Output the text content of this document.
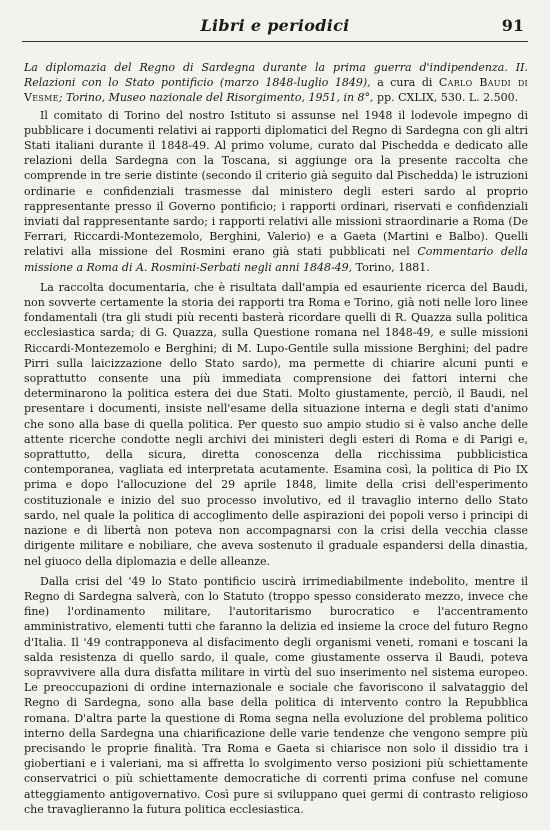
Libri e periodici	91

La diplomazia del Regno di Sardegna durante la prima guerra d'indipendenza. II. Relazioni con lo Stato pontificio (marzo 1848-luglio 1849), a cura di Carlo Baudi di Vesme; Torino, Museo nazionale del Risorgimento, 1951, in 8°, pp. CXLIX, 530. L. 2.500.

Il comitato di Torino del nostro Istituto si assunse nel 1948 il lodevole impegno di pubblicare i documenti relativi ai rapporti diplomatici del Regno di Sardegna con gli altri Stati italiani durante il 1848-49. Al primo volume, curato dal Pischedda e dedicato alle relazioni della Sardegna con la Toscana, si aggiunge ora la presente raccolta che comprende in tre serie distinte (secondo il criterio già seguito dal Pischedda) le istruzioni ordinarie e confidenziali trasmesse dal ministero degli esteri sardo al proprio rappresentante presso il Governo pontificio; i rapporti ordinari, riservati e confidenziali inviati dal rappresentante sardo; i rapporti relativi alle missioni straordinarie a Roma (De Ferrari, Riccardi-Montezemolo, Berghini, Valerio) e a Gaeta (Martini e Balbo). Quelli relativi alla missione del Rosmini erano già stati pubblicati nel Commentario della missione a Roma di A. Rosmini-Serbati negli anni 1848-49, Torino, 1881.

La raccolta documentaria, che è risultata dall'ampia ed esauriente ricerca del Baudi, non sovverte certamente la storia dei rapporti tra Roma e Torino, già noti nelle loro linee fondamentali (tra gli studi più recenti basterà ricordare quelli di R. Quazza sulla politica ecclesiastica sarda; di G. Quazza, sulla Questione romana nel 1848-49, e sulle missioni Riccardi-Montezemolo e Berghini; di M. Lupo-Gentile sulla missione Berghini; del padre Pirri sulla laicizzazione dello Stato sardo), ma permette di chiarire alcuni punti e soprattutto consente una più immediata comprensione dei fattori interni che determinarono la politica estera dei due Stati. Molto giustamente, perciò, il Baudi, nel presentare i documenti, insiste nell'esame della situazione interna e degli stati d'animo che sono alla base di quella politica. Per questo suo ampio studio si è valso anche delle attente ricerche condotte negli archivi dei ministeri degli esteri di Roma e di Parigi e, soprattutto, della sicura, diretta conoscenza della ricchissima pubblicistica contemporanea, vagliata ed interpretata acutamente. Esamina così, la politica di Pio IX prima e dopo l'allocuzione del 29 aprile 1848, limite della crisi dell'esperimento costituzionale e inizio del suo processo involutivo, ed il travaglio interno dello Stato sardo, nel quale la politica di accoglimento delle aspirazioni dei popoli verso i principi di nazione e di libertà non poteva non accompagnarsi con la crisi della vecchia classe dirigente militare e nobiliare, che aveva sostenuto il graduale espandersi della dinastia, nel giuoco della diplomazia e delle alleanze.

Dalla crisi del '49 lo Stato pontificio uscirà irrimediabilmente indebolito, mentre il Regno di Sardegna salverà, con lo Statuto (troppo spesso considerato mezzo, invece che fine) l'ordinamento militare, l'autoritarismo burocratico e l'accentramento amministrativo, elementi tutti che faranno la delizia ed insieme la croce del futuro Regno d'Italia. Il '49 contrapponeva al disfacimento degli organismi veneti, romani e toscani la salda resistenza di quello sardo, il quale, come giustamente osserva il Baudi, poteva sopravvivere alla dura disfatta militare in virtù del suo inserimento nel sistema europeo. Le preoccupazioni di ordine internazionale e sociale che favoriscono il salvataggio del Regno di Sardegna, sono alla base della politica di intervento contro la Repubblica romana. D'altra parte la questione di Roma segna nella evoluzione del problema politico interno della Sardegna una chiarificazione delle varie tendenze che vengono sempre più precisando le proprie finalità. Tra Roma e Gaeta si chiarisce non solo il dissidio tra i giobertiani e i valeriani, ma si affretta lo svolgimento verso posizioni più schiettamente conservatrici o più schiettamente democratiche di correnti prima confuse nel comune atteggiamento antigovernativo. Così pure si sviluppano quei germi di contrasto religioso che travaglieranno la futura politica ecclesiastica.
